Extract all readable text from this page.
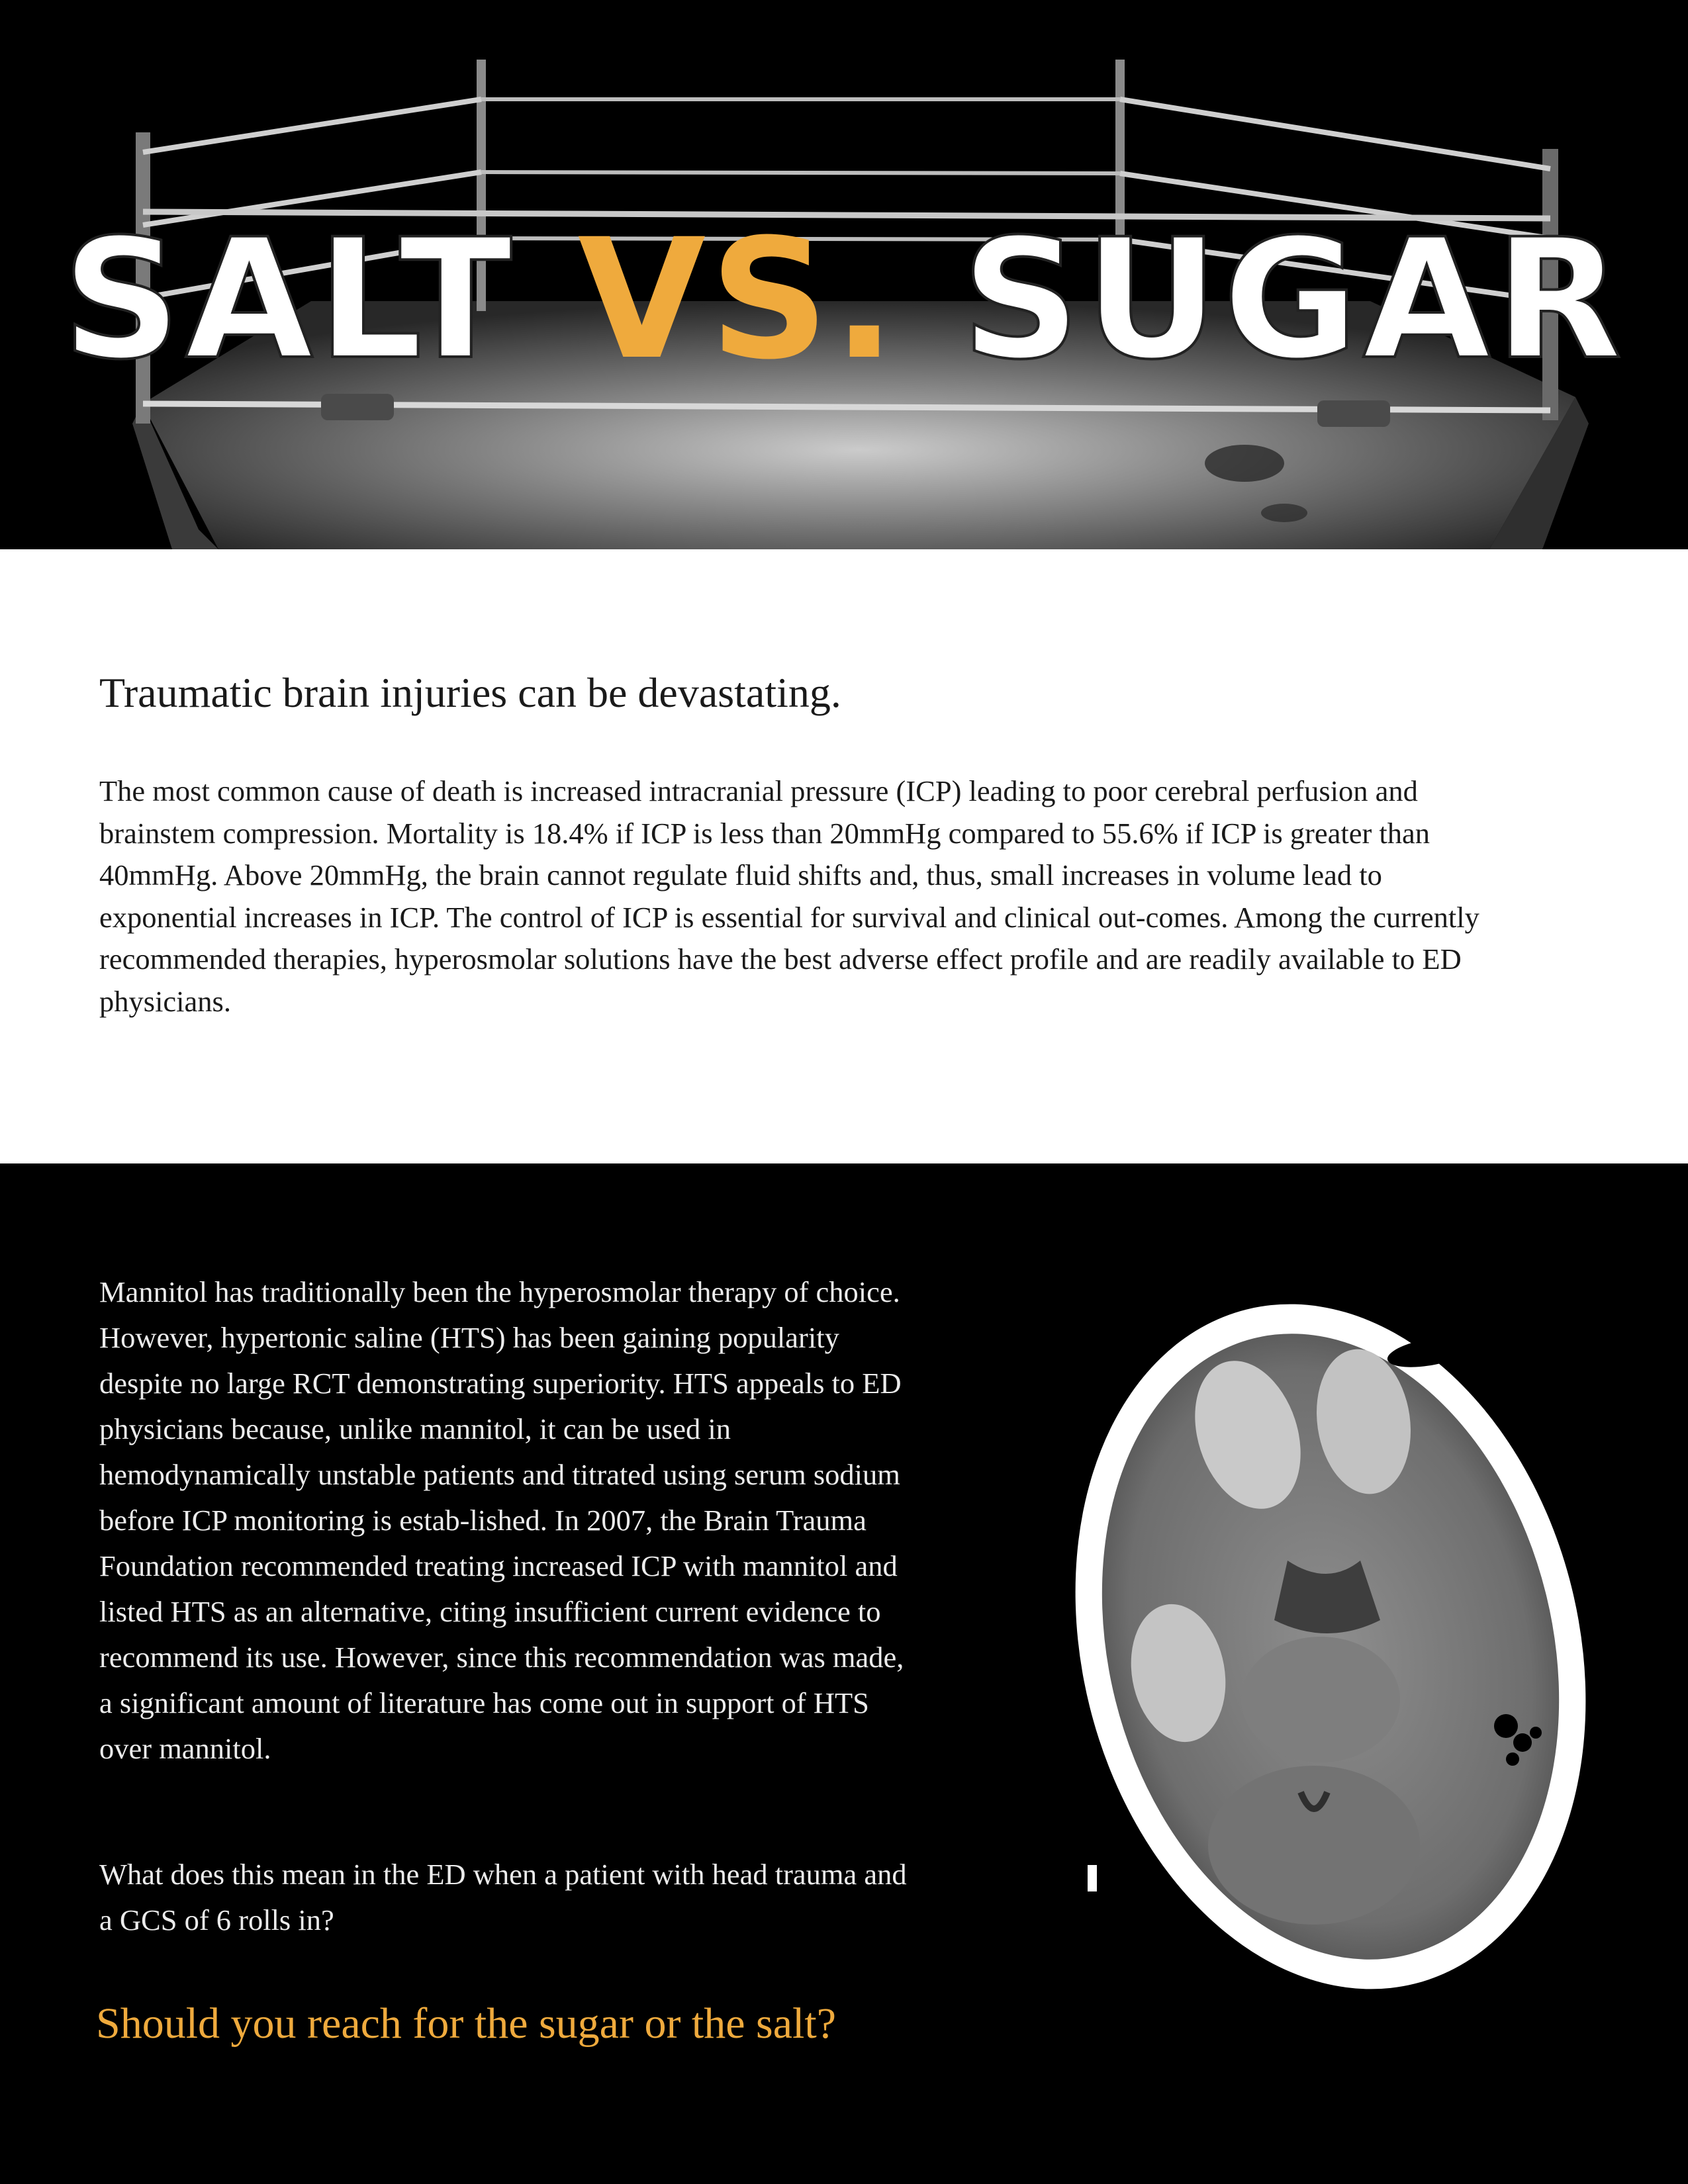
SALT VS. SUGAR
Traumatic brain injuries can be devastating.

The most common cause of death is increased intracranial pressure (ICP) leading to poor cerebral perfusion and brainstem compression. Mortality is 18.4% if ICP is less than 20mmHg compared to 55.6% if ICP is greater than 40mmHg. Above 20mmHg, the brain cannot regulate fluid shifts and, thus, small increases in volume lead to exponential increases in ICP. The control of ICP is essential for survival and clinical out-comes. Among the currently recommended therapies, hyperosmolar solutions have the best adverse effect profile and are readily available to ED physicians.

Mannitol has traditionally been the hyperosmolar therapy of choice. However, hypertonic saline (HTS) has been gaining popularity despite no large RCT demonstrating superiority. HTS appeals to ED physicians because, unlike mannitol, it can be used in hemodynamically unstable patients and titrated using serum sodium before ICP monitoring is estab-lished. In 2007, the Brain Trauma Foundation recommended treating increased ICP with mannitol and listed HTS as an alternative, citing insufficient current evidence to recommend its use. However, since this recommendation was made, a significant amount of literature has come out in support of HTS over mannitol.

What does this mean in the ED when a patient with head trauma and a GCS of 6 rolls in?

Should you reach for the sugar or the salt?
